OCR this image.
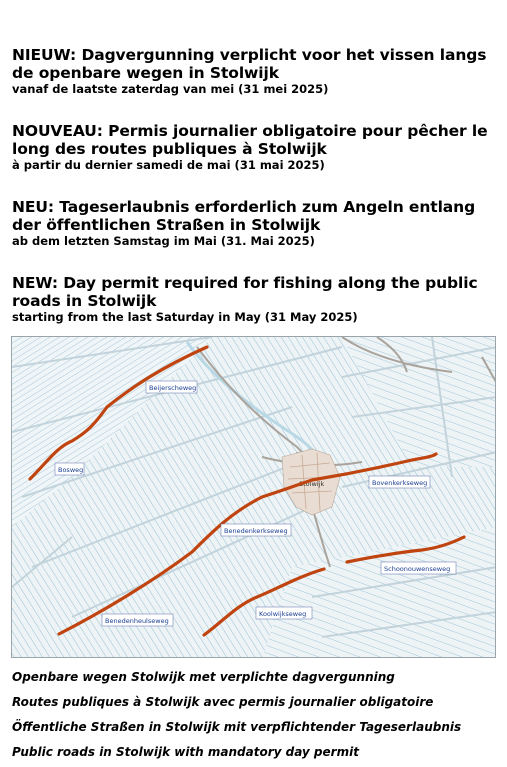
NIEUW: Dagvergunning verplicht voor het vissen langs de openbare wegen in Stolwijk
vanaf de laatste zaterdag van mei (31 mei 2025)
NOUVEAU: Permis journalier obligatoire pour pêcher le long des routes publiques à Stolwijk
à partir du dernier samedi de mai (31 mai 2025)
NEU: Tageserlaubnis erforderlich zum Angeln entlang der öffentlichen Straßen in Stolwijk
ab dem letzten Samstag im Mai (31. Mai 2025)
NEW: Day permit required for fishing along the public roads in Stolwijk
starting from the last Saturday in May (31 May 2025)
Stolwijk
Beijerscheweg
Bosweg
Bovenkerkseweg
Benedenkerkseweg
Schoonouwenseweg
Koolwijkseweg
Benedenheulseweg
Openbare wegen Stolwijk met verplichte dagvergunning
Routes publiques à Stolwijk avec permis journalier obligatoire
Öffentliche Straßen in Stolwijk mit verpflichtender Tageserlaubnis
Public roads in Stolwijk with mandatory day permit
